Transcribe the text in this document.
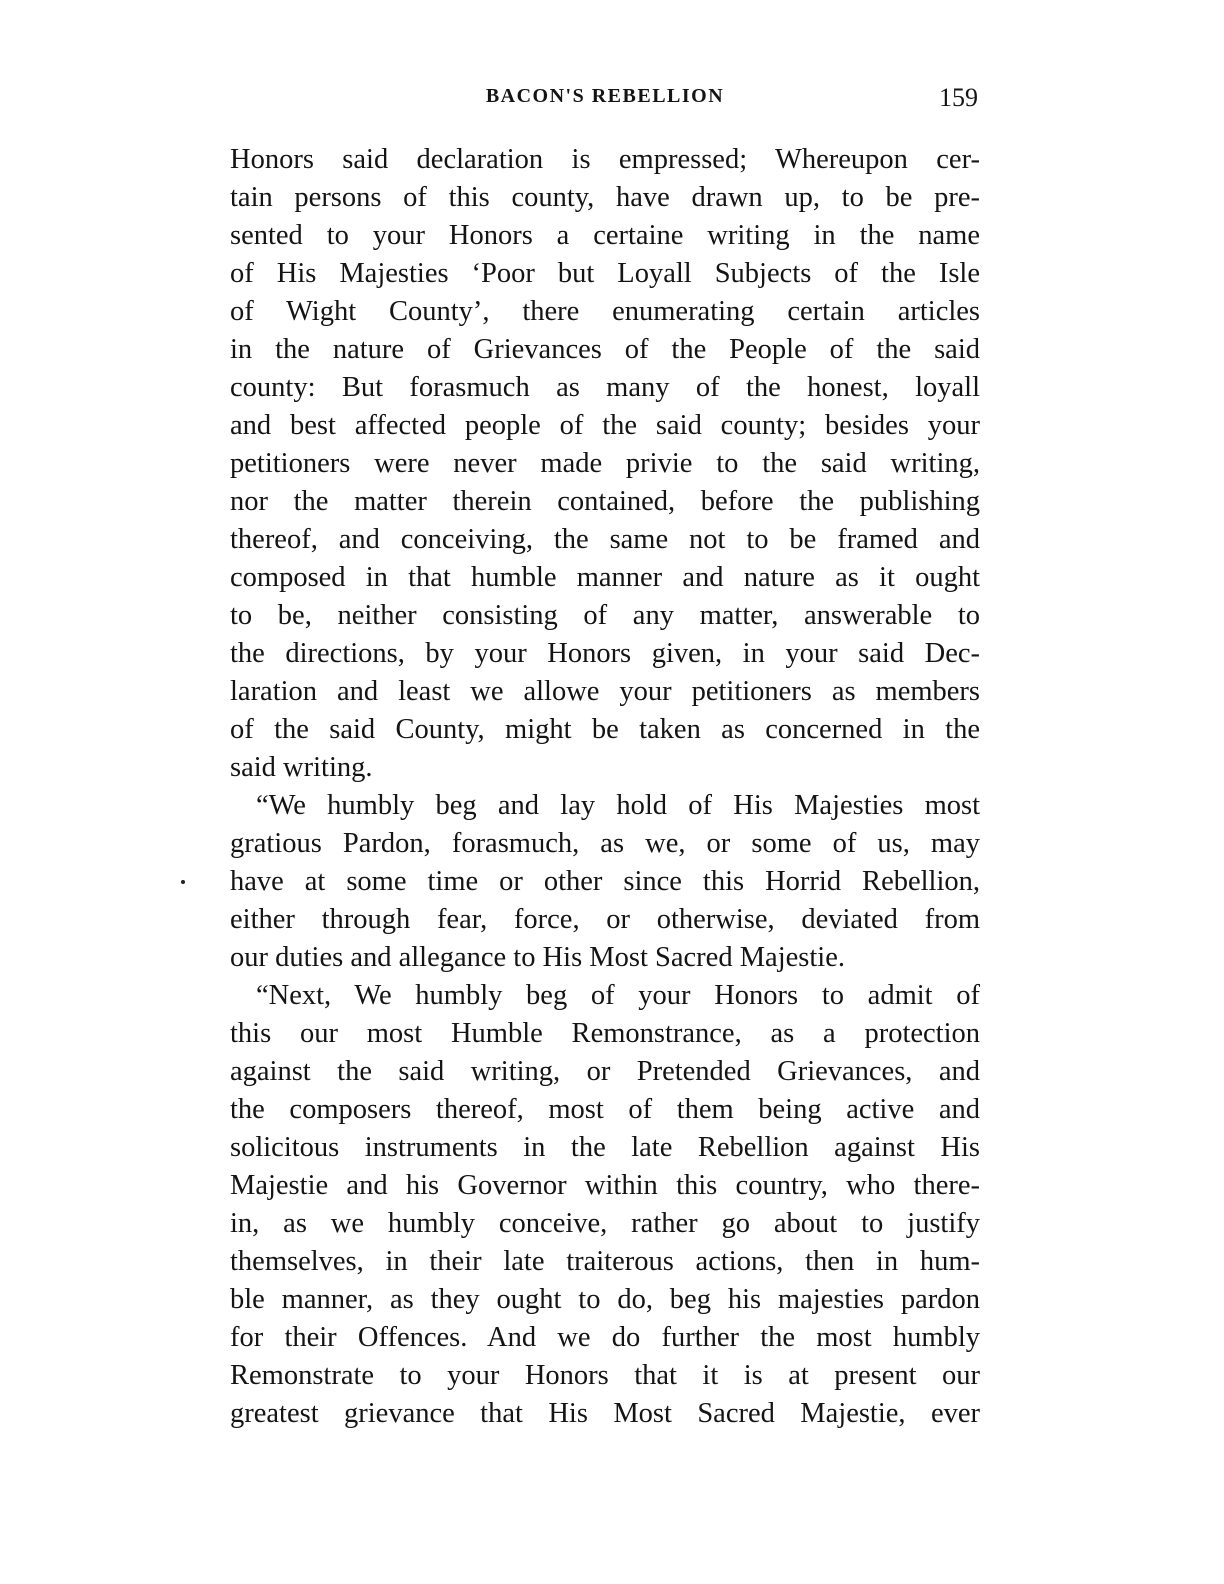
BACON'S REBELLION	159
Honors said declaration is empressed; Whereupon cer-
tain persons of this county, have drawn up, to be pre-
sented to your Honors a certaine writing in the name
of His Majesties ‘Poor but Loyall Subjects of the Isle
of Wight County’, there enumerating certain articles
in the nature of Grievances of the People of the said
county: But forasmuch as many of the honest, loyall
and best affected people of the said county; besides your
petitioners were never made privie to the said writing,
nor the matter therein contained, before the publishing
thereof, and conceiving, the same not to be framed and
composed in that humble manner and nature as it ought
to be, neither consisting of any matter, answerable to
the directions, by your Honors given, in your said Dec-
laration and least we allowe your petitioners as members
of the said County, might be taken as concerned in the
said writing.
“We humbly beg and lay hold of His Majesties most
gratious Pardon, forasmuch, as we, or some of us, may
have at some time or other since this Horrid Rebellion,
either through fear, force, or otherwise, deviated from
our duties and allegance to His Most Sacred Majestie.
“Next, We humbly beg of your Honors to admit of
this our most Humble Remonstrance, as a protection
against the said writing, or Pretended Grievances, and
the composers thereof, most of them being active and
solicitous instruments in the late Rebellion against His
Majestie and his Governor within this country, who there-
in, as we humbly conceive, rather go about to justify
themselves, in their late traiterous actions, then in hum-
ble manner, as they ought to do, beg his majesties pardon
for their Offences. And we do further the most humbly
Remonstrate to your Honors that it is at present our
greatest grievance that His Most Sacred Majestie, ever
